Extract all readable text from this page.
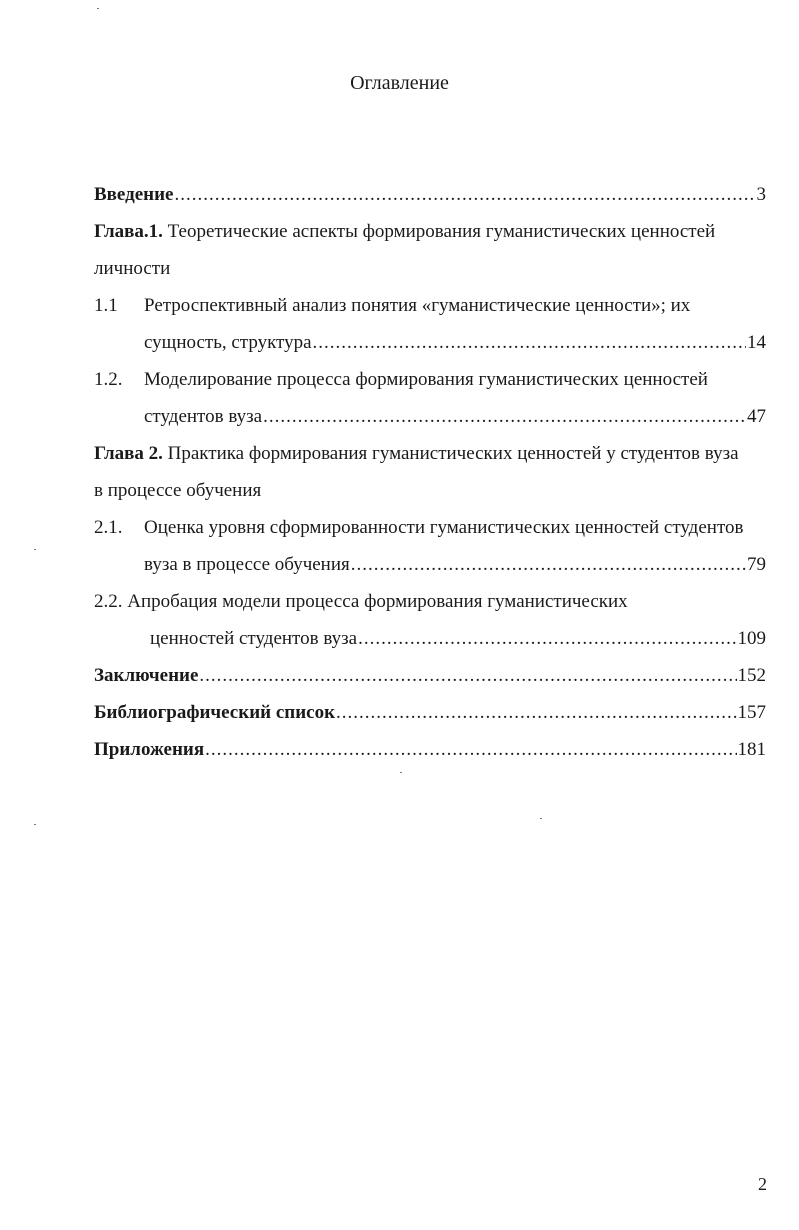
Оглавление
Введение .....	3
Глава.1. Теоретические аспекты формирования гуманистических ценностей
личности
1.1 Ретроспективный анализ понятия «гуманистические ценности»; их
сущность, структура .....	14
1.2. Моделирование процесса формирования гуманистических ценностей
студентов вуза .....	47
Глава 2. Практика формирования гуманистических ценностей у студентов вуза
в процессе обучения
2.1. Оценка уровня сформированности гуманистических ценностей студентов
вуза в процессе обучения .....	79
2.2. Апробация модели процесса формирования гуманистических
ценностей студентов вуза .....	109
Заключение .....	152
Библиографический список .....	157
Приложения .....	181
2
